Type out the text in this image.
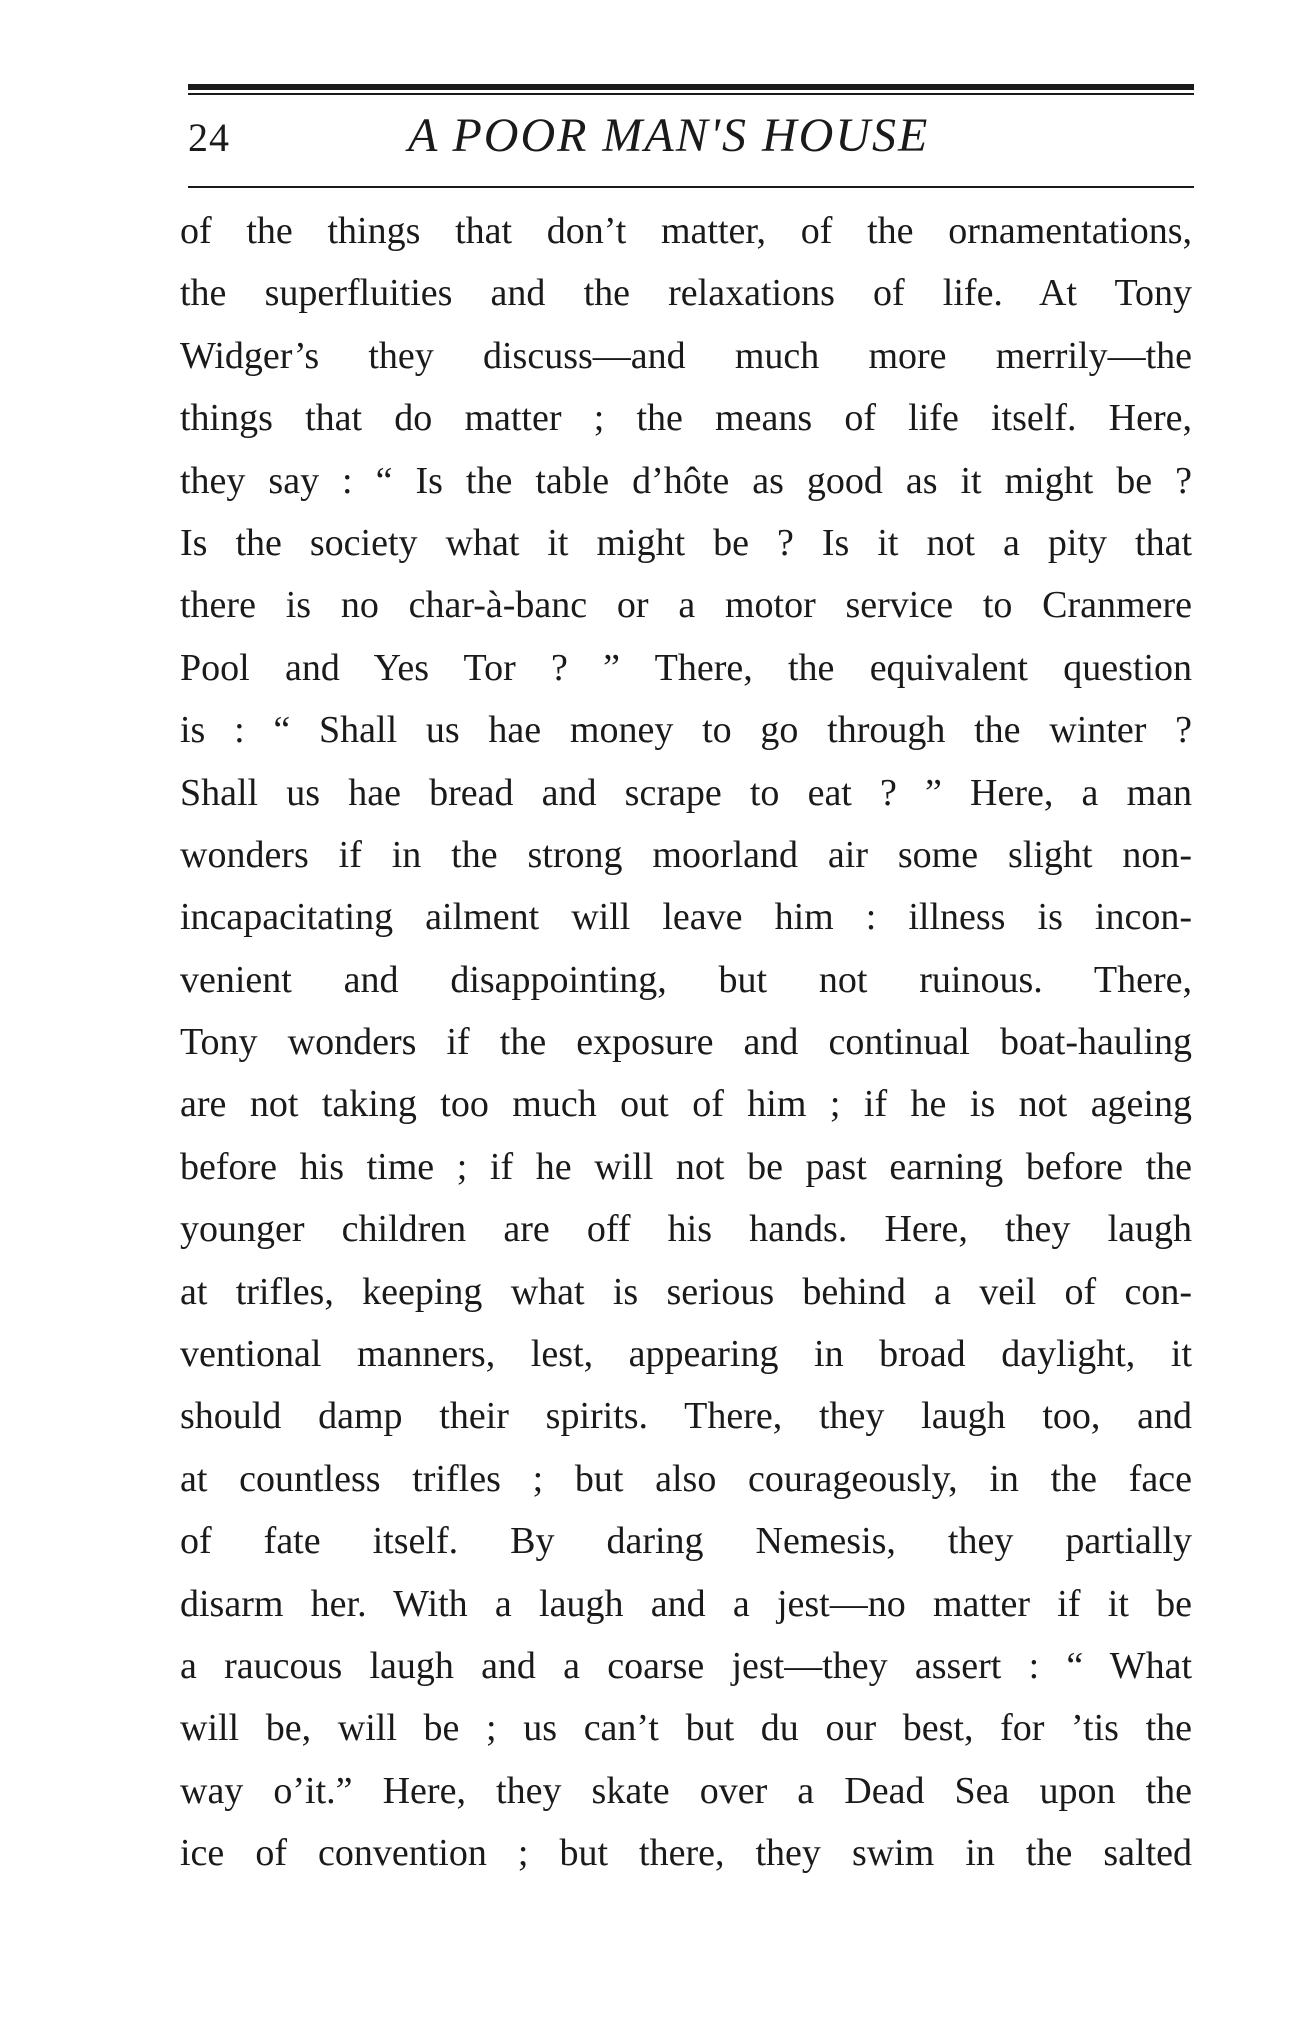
24	A POOR MAN'S HOUSE
of the things that don’t matter, of the ornamentations,
the superfluities and the relaxations of life. At Tony
Widger’s they discuss—and much more merrily—the
things that do matter ; the means of life itself. Here,
they say : “ Is the table d’hôte as good as it might be ?
Is the society what it might be ? Is it not a pity that
there is no char-à-banc or a motor service to Cranmere
Pool and Yes Tor ? ” There, the equivalent question
is : “ Shall us hae money to go through the winter ?
Shall us hae bread and scrape to eat ? ” Here, a man
wonders if in the strong moorland air some slight non-
incapacitating ailment will leave him : illness is incon-
venient and disappointing, but not ruinous. There,
Tony wonders if the exposure and continual boat-hauling
are not taking too much out of him ; if he is not ageing
before his time ; if he will not be past earning before the
younger children are off his hands. Here, they laugh
at trifles, keeping what is serious behind a veil of con-
ventional manners, lest, appearing in broad daylight, it
should damp their spirits. There, they laugh too, and
at countless trifles ; but also courageously, in the face
of fate itself. By daring Nemesis, they partially
disarm her. With a laugh and a jest—no matter if it be
a raucous laugh and a coarse jest—they assert : “ What
will be, will be ; us can’t but du our best, for ’tis the
way o’it.” Here, they skate over a Dead Sea upon the
ice of convention ; but there, they swim in the salted
